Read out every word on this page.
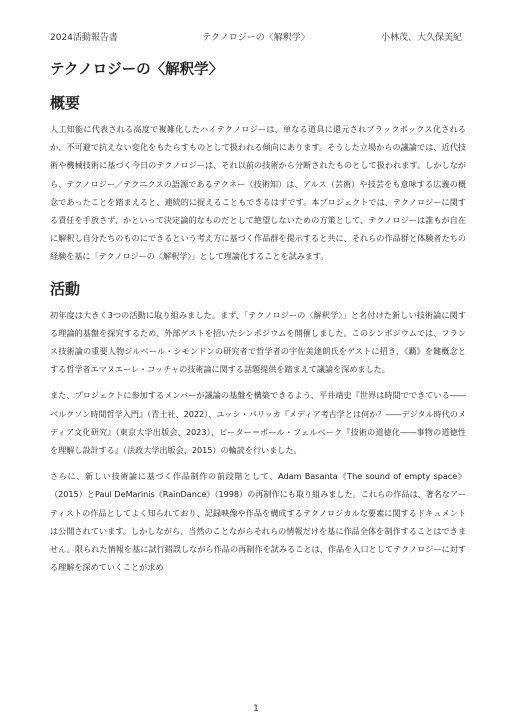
2024活動報告書	テクノロジーの〈解釈学〉	小林茂、大久保美紀
テクノロジーの〈解釈学〉
概要

人工知能に代表される高度で複雑化したハイテクノロジーは、単なる道具に還元されブラックボックス化されるか、不可避で抗えない変化をもたらすものとして扱われる傾向にあります。そうした立場からの議論では、近代技術や機械技術に基づく今日のテクノロジーは、それ以前の技術から分断されたものとして扱われます。しかしながら、テクノロジー／テクニクスの語源であるテクネー（技術知）は、アルス（芸術）や技芸をも意味する広義の概念であったことを踏まえると、連続的に捉えることもできるはずです。本プロジェクトでは、テクノロジーに関する責任を手放さず、かといって決定論的なものだとして絶望しないための方策として、テクノロジーは誰もが自在に解釈し自分たちのものにできるという考え方に基づく作品群を提示すると共に、それらの作品群と体験者たちの経験を基に「テクノロジーの〈解釈学〉」として理論化することを試みます。

活動

初年度は大きく3つの活動に取り組みました。まず、「テクノロジーの〈解釈学〉」と名付けた新しい技術論に関する理論的基盤を探究するため、外部ゲストを招いたシンポジウムを開催しました。このシンポジウムでは、フランス技術論の重要人物ジルベール・シモンドンの研究者で哲学者の宇佐美達朗氏をゲストに招き、《覇》を鍵概念とする哲学者エマヌエーレ・コッチャの技術論に関する話題提供を踏まえて議論を深めました。

また、プロジェクトに参加するメンバーが議論の基盤を構築できるよう、平井靖史『世界は時間でできている――ベルクソン時間哲学入門』（青土社、2022）、ユッシ・パリッカ『メディア考古学とは何か？――デジタル時代のメディア文化研究』（東京大学出版会、2023）、ピーター＝ポール・フェルベーク『技術の道徳化――事物の道徳性を理解し設計する』（法政大学出版会、2015）の輪読を行いました。

さらに、新しい技術論に基づく作品制作の前段階として、Adam Basanta《The sound of empty space》（2015）とPaul DeMarinis《RainDance》（1998）の再制作にも取り組みました。これらの作品は、著名なアーティストの作品としてよく知られており、記録映像や作品を構成するテクノロジカルな要素に関するドキュメントは公開されています。しかしながら、当然のことながらそれらの情報だけを基に作品全体を制作することはできません。限られた情報を基に試行錯誤しながら作品の再制作を試みることは、作品を入口としてテクノロジーに対する理解を深めていくことが求め

1
